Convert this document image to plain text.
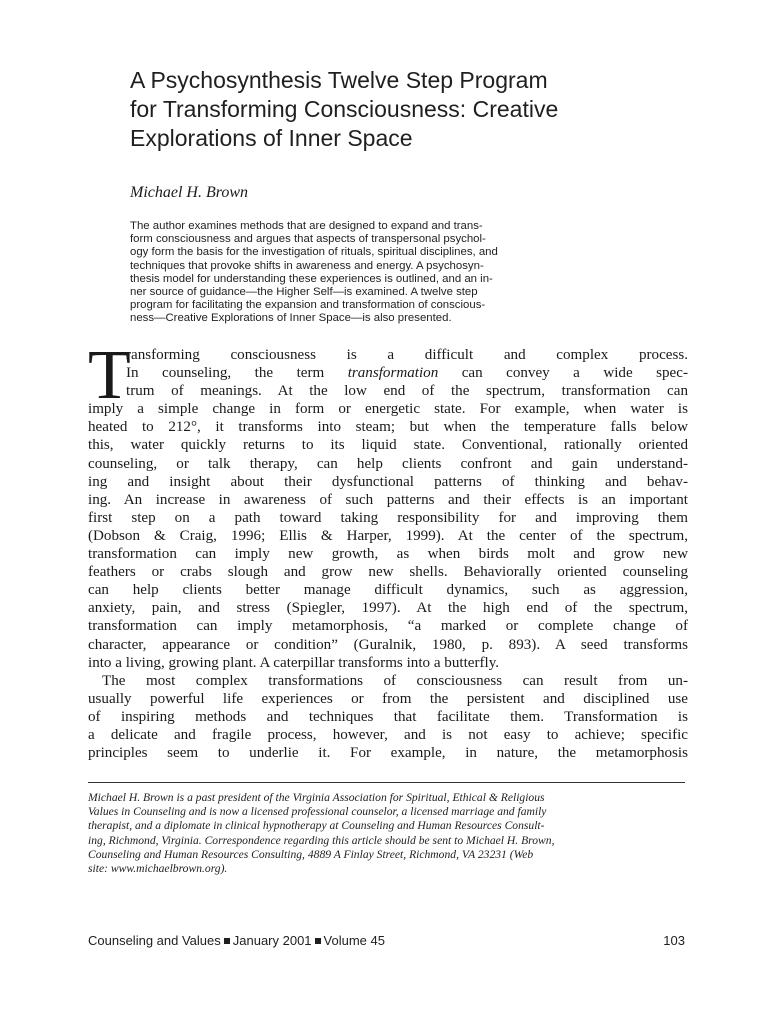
A Psychosynthesis Twelve Step Program
for Transforming Consciousness: Creative
Explorations of Inner Space

Michael H. Brown

The author examines methods that are designed to expand and trans-
form consciousness and argues that aspects of transpersonal psychol-
ogy form the basis for the investigation of rituals, spiritual disciplines, and
techniques that provoke shifts in awareness and energy. A psychosyn-
thesis model for understanding these experiences is outlined, and an in-
ner source of guidance—the Higher Self—is examined. A twelve step
program for facilitating the expansion and transformation of conscious-
ness—Creative Explorations of Inner Space—is also presented.
T

ransforming consciousness is a difficult and complex process.
In counseling, the term transformation can convey a wide spec-
trum of meanings. At the low end of the spectrum, transformation can
imply a simple change in form or energetic state. For example, when water is
heated to 212°, it transforms into steam; but when the temperature falls below
this, water quickly returns to its liquid state. Conventional, rationally oriented
counseling, or talk therapy, can help clients confront and gain understand-
ing and insight about their dysfunctional patterns of thinking and behav-
ing. An increase in awareness of such patterns and their effects is an important
first step on a path toward taking responsibility for and improving them
(Dobson & Craig, 1996; Ellis & Harper, 1999). At the center of the spectrum,
transformation can imply new growth, as when birds molt and grow new
feathers or crabs slough and grow new shells. Behaviorally oriented counseling
can help clients better manage difficult dynamics, such as aggression,
anxiety, pain, and stress (Spiegler, 1997). At the high end of the spectrum,
transformation can imply metamorphosis, “a marked or complete change of
character, appearance or condition” (Guralnik, 1980, p. 893). A seed transforms
into a living, growing plant. A caterpillar transforms into a butterfly.

The most complex transformations of consciousness can result from un-
usually powerful life experiences or from the persistent and disciplined use
of inspiring methods and techniques that facilitate them. Transformation is
a delicate and fragile process, however, and is not easy to achieve; specific
principles seem to underlie it. For example, in nature, the metamorphosis

Michael H. Brown is a past president of the Virginia Association for Spiritual, Ethical & Religious
Values in Counseling and is now a licensed professional counselor, a licensed marriage and family
therapist, and a diplomate in clinical hypnotherapy at Counseling and Human Resources Consult-
ing, Richmond, Virginia. Correspondence regarding this article should be sent to Michael H. Brown,
Counseling and Human Resources Consulting, 4889 A Finlay Street, Richmond, VA 23231 (Web
site: www.michaelbrown.org).
Counseling and Values January 2001 Volume 45	103
